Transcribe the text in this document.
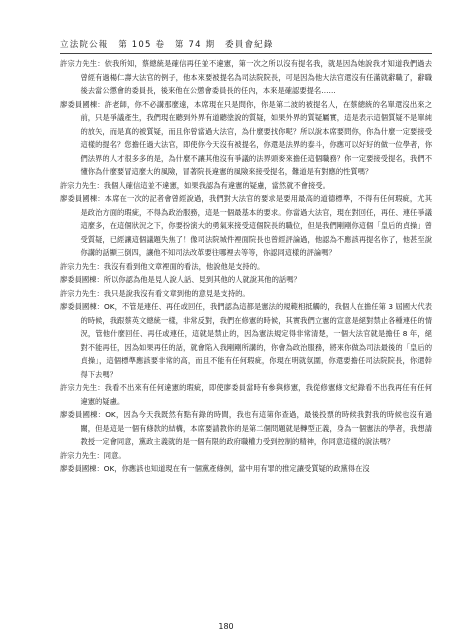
立法院公報　第 105 卷　第 74 期　委員會紀錄

許宗力先生：依我所知，蔡總統是確信再任並不違憲，第一次之所以沒有提名我，就是因為她說我才知道我們過去曾經有過楊仁壽大法官的例子，他本來要被提名為司法院院長，可是因為他大法官還沒有任滿就辭職了，辭職後去當公懲會的委員長，後來他在公懲會委員長的任內，本來是確認要提名……

廖委員國棟：許老師，你不必講那麼遠，本席現在只是問你，你是第二波的被提名人，在蔡總統的名單還沒出來之前，只是爭議產生，我們現在聽到外界有道聽塗說的質疑，如果外界的質疑屬實，這是表示這個質疑不是單純的放矢，而是真的被質疑，而且你曾當過大法官，為什麼要找你呢？所以說本席要問你，你為什麼一定要接受這樣的提名？您擔任過大法官，即使你今天沒有被提名，你還是法界的泰斗，你應可以好好的做一位學者，你們法界的人才很多多的是，為什麼不讓其他沒有爭議的法界頭麥來擔任這個職務？你一定要接受提名，我們不懂你為什麼要冒這麼大的風險，冒著院長違憲的風險來接受提名，難道是有對應的性質嗎？

許宗力先生：我個人確信這並不違憲，如果我認為有違憲的疑慮，當然就不會接受。

廖委員國棟：本席在一次的記者會曾經說過，我們對大法官的要求是要用最高的道德標準，不得有任何瑕疵，尤其是政治方面的瑕疵，不得為政治服務，這是一個最基本的要求。你當過大法官，現在對回任，再任、連任爭議這麼多，在這個狀況之下，你要扮演大的勇氣來接受這個院長的職位，但是我們剛剛你這個「皇后的貞操」曾受質疑，已經讓這個議題失焦了！像司法院城件裡面院長也曾經評論過，他認為不應該再提名你了，他甚至說你講的話顯三倒四，讓他不知司法改革要往哪裡去等等，你認同這樣的評論嗎？

許宗力先生：我沒有看到他文章裡面的看法，他說他是支持的。

廖委員國棟：所以你認為他是見人說人話、見到其他的人就說其他的話嗎？

許宗力先生：我只是說我沒有看文章到他的意見是支持的。

廖委員國棟：OK，不管是連任、再任或回任，我們認為這都是憲法的規範相抵觸的，我個人在擔任第 3 屆國大代表的時候，我跟蔡英文總統一樣，非常反對，我們在修憲的時候，其實我們立憲的宣意是絕對禁止各種連任的情況，管他什麼回任、再任或連任，這就是禁止的，因為憲法規定得非常清楚，一個大法官就是擔任 8 年，絕對不能再任，因為如果再任的話，就會陷入我剛剛所講的，你會為政治服務，將來你做為司法最後的「皇后的貞操」，這個標準應該要非常的高，而且不能有任何瑕疵，你現在明就氛圍，你還要擔任司法院院長，你還幹得下去嗎？

許宗力先生：我看不出來有任何違憲的瑕疵，即使廖委員當時有參與修憲，我從修憲條文紀錄看不出我再任有任何違憲的疑慮。

廖委員國棟：OK，因為今天我既然有點有錄的時間，我也有這第你查過，最後投票的時候我對我的時候也沒有過關，但是這是一個有條款的結構，本席要請教你的是第二個問題就是轉型正義，身為一個憲法的學者，我想請教授一定會同意，黨政主義就的是一個有限的政府職權力受到控制的精神，你同意這樣的說法嗎？

許宗力先生：同意。

廖委員國棟：OK，你應該也知道現在有一個黨產條例，當中用有罪的推定讓受質疑的政黨得在沒

180
